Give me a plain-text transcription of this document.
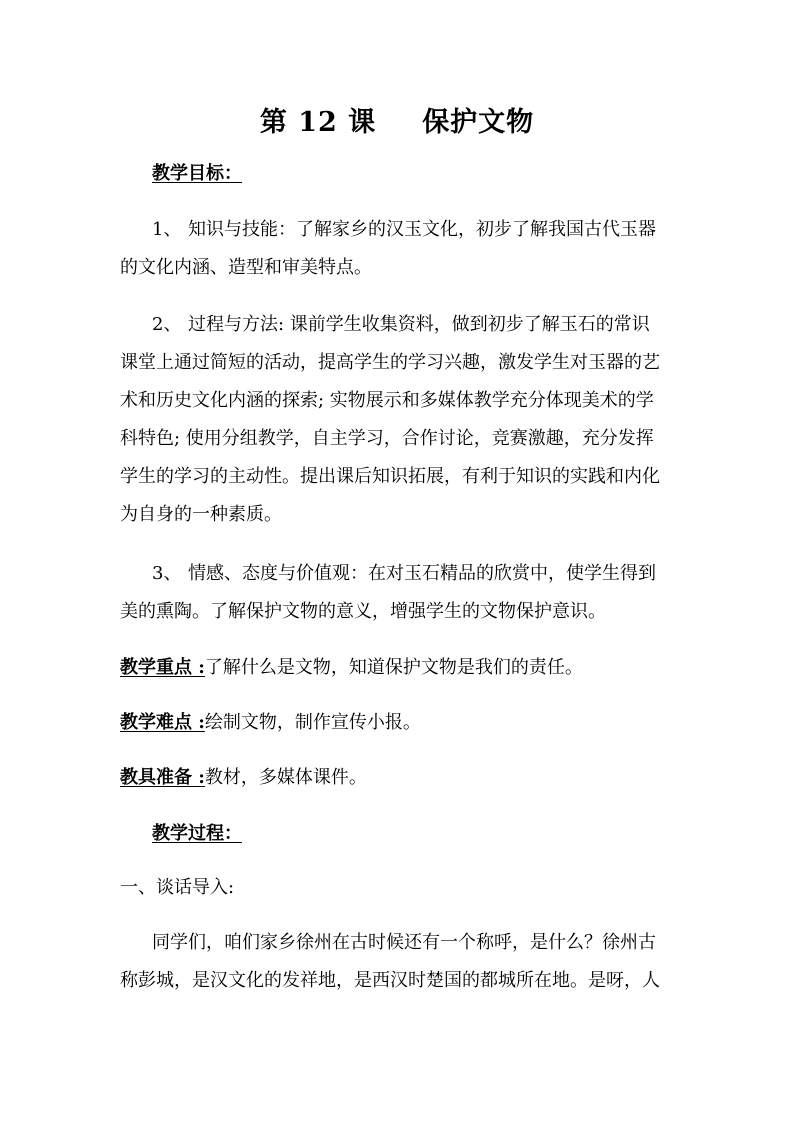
第 12 课 保护文物
教学目标：
1、 知识与技能：了解家乡的汉玉文化，初步了解我国古代玉器
的文化内涵、造型和审美特点。
2、 过程与方法: 课前学生收集资料，做到初步了解玉石的常识
课堂上通过简短的活动，提高学生的学习兴趣，激发学生对玉器的艺
术和历史文化内涵的探索; 实物展示和多媒体教学充分体现美术的学
科特色; 使用分组教学，自主学习，合作讨论，竞赛激趣，充分发挥
学生的学习的主动性。提出课后知识拓展，有利于知识的实践和内化
为自身的一种素质。
3、 情感、态度与价值观：在对玉石精品的欣赏中，使学生得到
美的熏陶。了解保护文物的意义，增强学生的文物保护意识。
教学重点 :了解什么是文物，知道保护文物是我们的责任。
教学难点 :绘制文物，制作宣传小报。
教具准备 :教材，多媒体课件。
教学过程：
一、谈话导入:
同学们，咱们家乡徐州在古时候还有一个称呼，是什么？徐州古
称彭城，是汉文化的发祥地，是西汉时楚国的都城所在地。是呀，人
